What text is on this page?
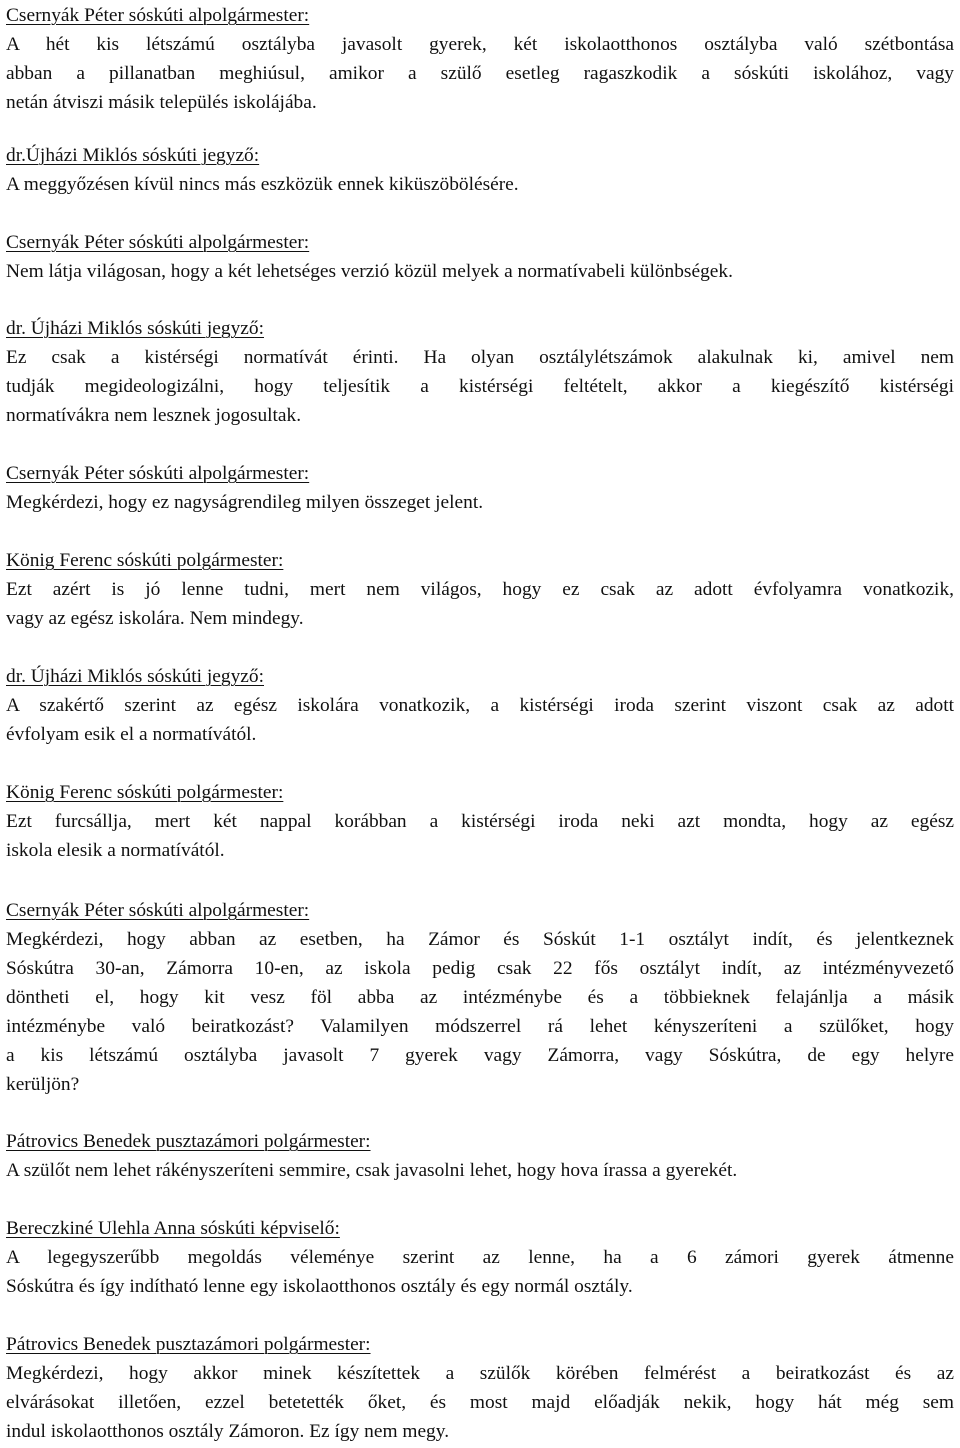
Csernyák Péter sóskúti alpolgármester:
A hét kis létszámú osztályba javasolt gyerek, két iskolaotthonos osztályba való szétbontása
abban a pillanatban meghiúsul, amikor a szülő esetleg ragaszkodik a sóskúti iskolához, vagy
netán átviszi másik település iskolájába.
dr.Újházi Miklós sóskúti jegyző:
A meggyőzésen kívül nincs más eszközük ennek kiküszöbölésére.
Csernyák Péter sóskúti alpolgármester:
Nem látja világosan, hogy a két lehetséges verzió közül melyek a normatívabeli különbségek.
dr. Újházi Miklós sóskúti jegyző:
Ez csak a kistérségi normatívát érinti. Ha olyan osztálylétszámok alakulnak ki, amivel nem
tudják megideologizálni, hogy teljesítik a kistérségi feltételt, akkor a kiegészítő kistérségi
normatívákra nem lesznek jogosultak.
Csernyák Péter sóskúti alpolgármester:
Megkérdezi, hogy ez nagyságrendileg milyen összeget jelent.
König Ferenc sóskúti polgármester:
Ezt azért is jó lenne tudni, mert nem világos, hogy ez csak az adott évfolyamra vonatkozik,
vagy az egész iskolára. Nem mindegy.
dr. Újházi Miklós sóskúti jegyző:
A szakértő szerint az egész iskolára vonatkozik, a kistérségi iroda szerint viszont csak az adott
évfolyam esik el a normatívától.
König Ferenc sóskúti polgármester:
Ezt furcsállja, mert két nappal korábban a kistérségi iroda neki azt mondta, hogy az egész
iskola elesik a normatívától.
Csernyák Péter sóskúti alpolgármester:
Megkérdezi, hogy abban az esetben, ha Zámor és Sóskút 1-1 osztályt indít, és jelentkeznek
Sóskútra 30-an, Zámorra 10-en, az iskola pedig csak 22 fős osztályt indít, az intézményvezető
döntheti el, hogy kit vesz föl abba az intézménybe és a többieknek felajánlja a másik
intézménybe való beiratkozást? Valamilyen módszerrel rá lehet kényszeríteni a szülőket, hogy
a kis létszámú osztályba javasolt 7 gyerek vagy Zámorra, vagy Sóskútra, de egy helyre
kerüljön?
Pátrovics Benedek pusztazámori polgármester:
A szülőt nem lehet rákényszeríteni semmire, csak javasolni lehet, hogy hova írassa a gyerekét.
Bereczkiné Ulehla Anna sóskúti képviselő:
A legegyszerűbb megoldás véleménye szerint az lenne, ha a 6 zámori gyerek átmenne
Sóskútra és így indítható lenne egy iskolaotthonos osztály és egy normál osztály.
Pátrovics Benedek pusztazámori polgármester:
Megkérdezi, hogy akkor minek készítettek a szülők körében felmérést a beiratkozást és az
elvárásokat illetően, ezzel betetették őket, és most majd előadják nekik, hogy hát még sem
indul iskolaotthonos osztály Zámoron. Ez így nem megy.
